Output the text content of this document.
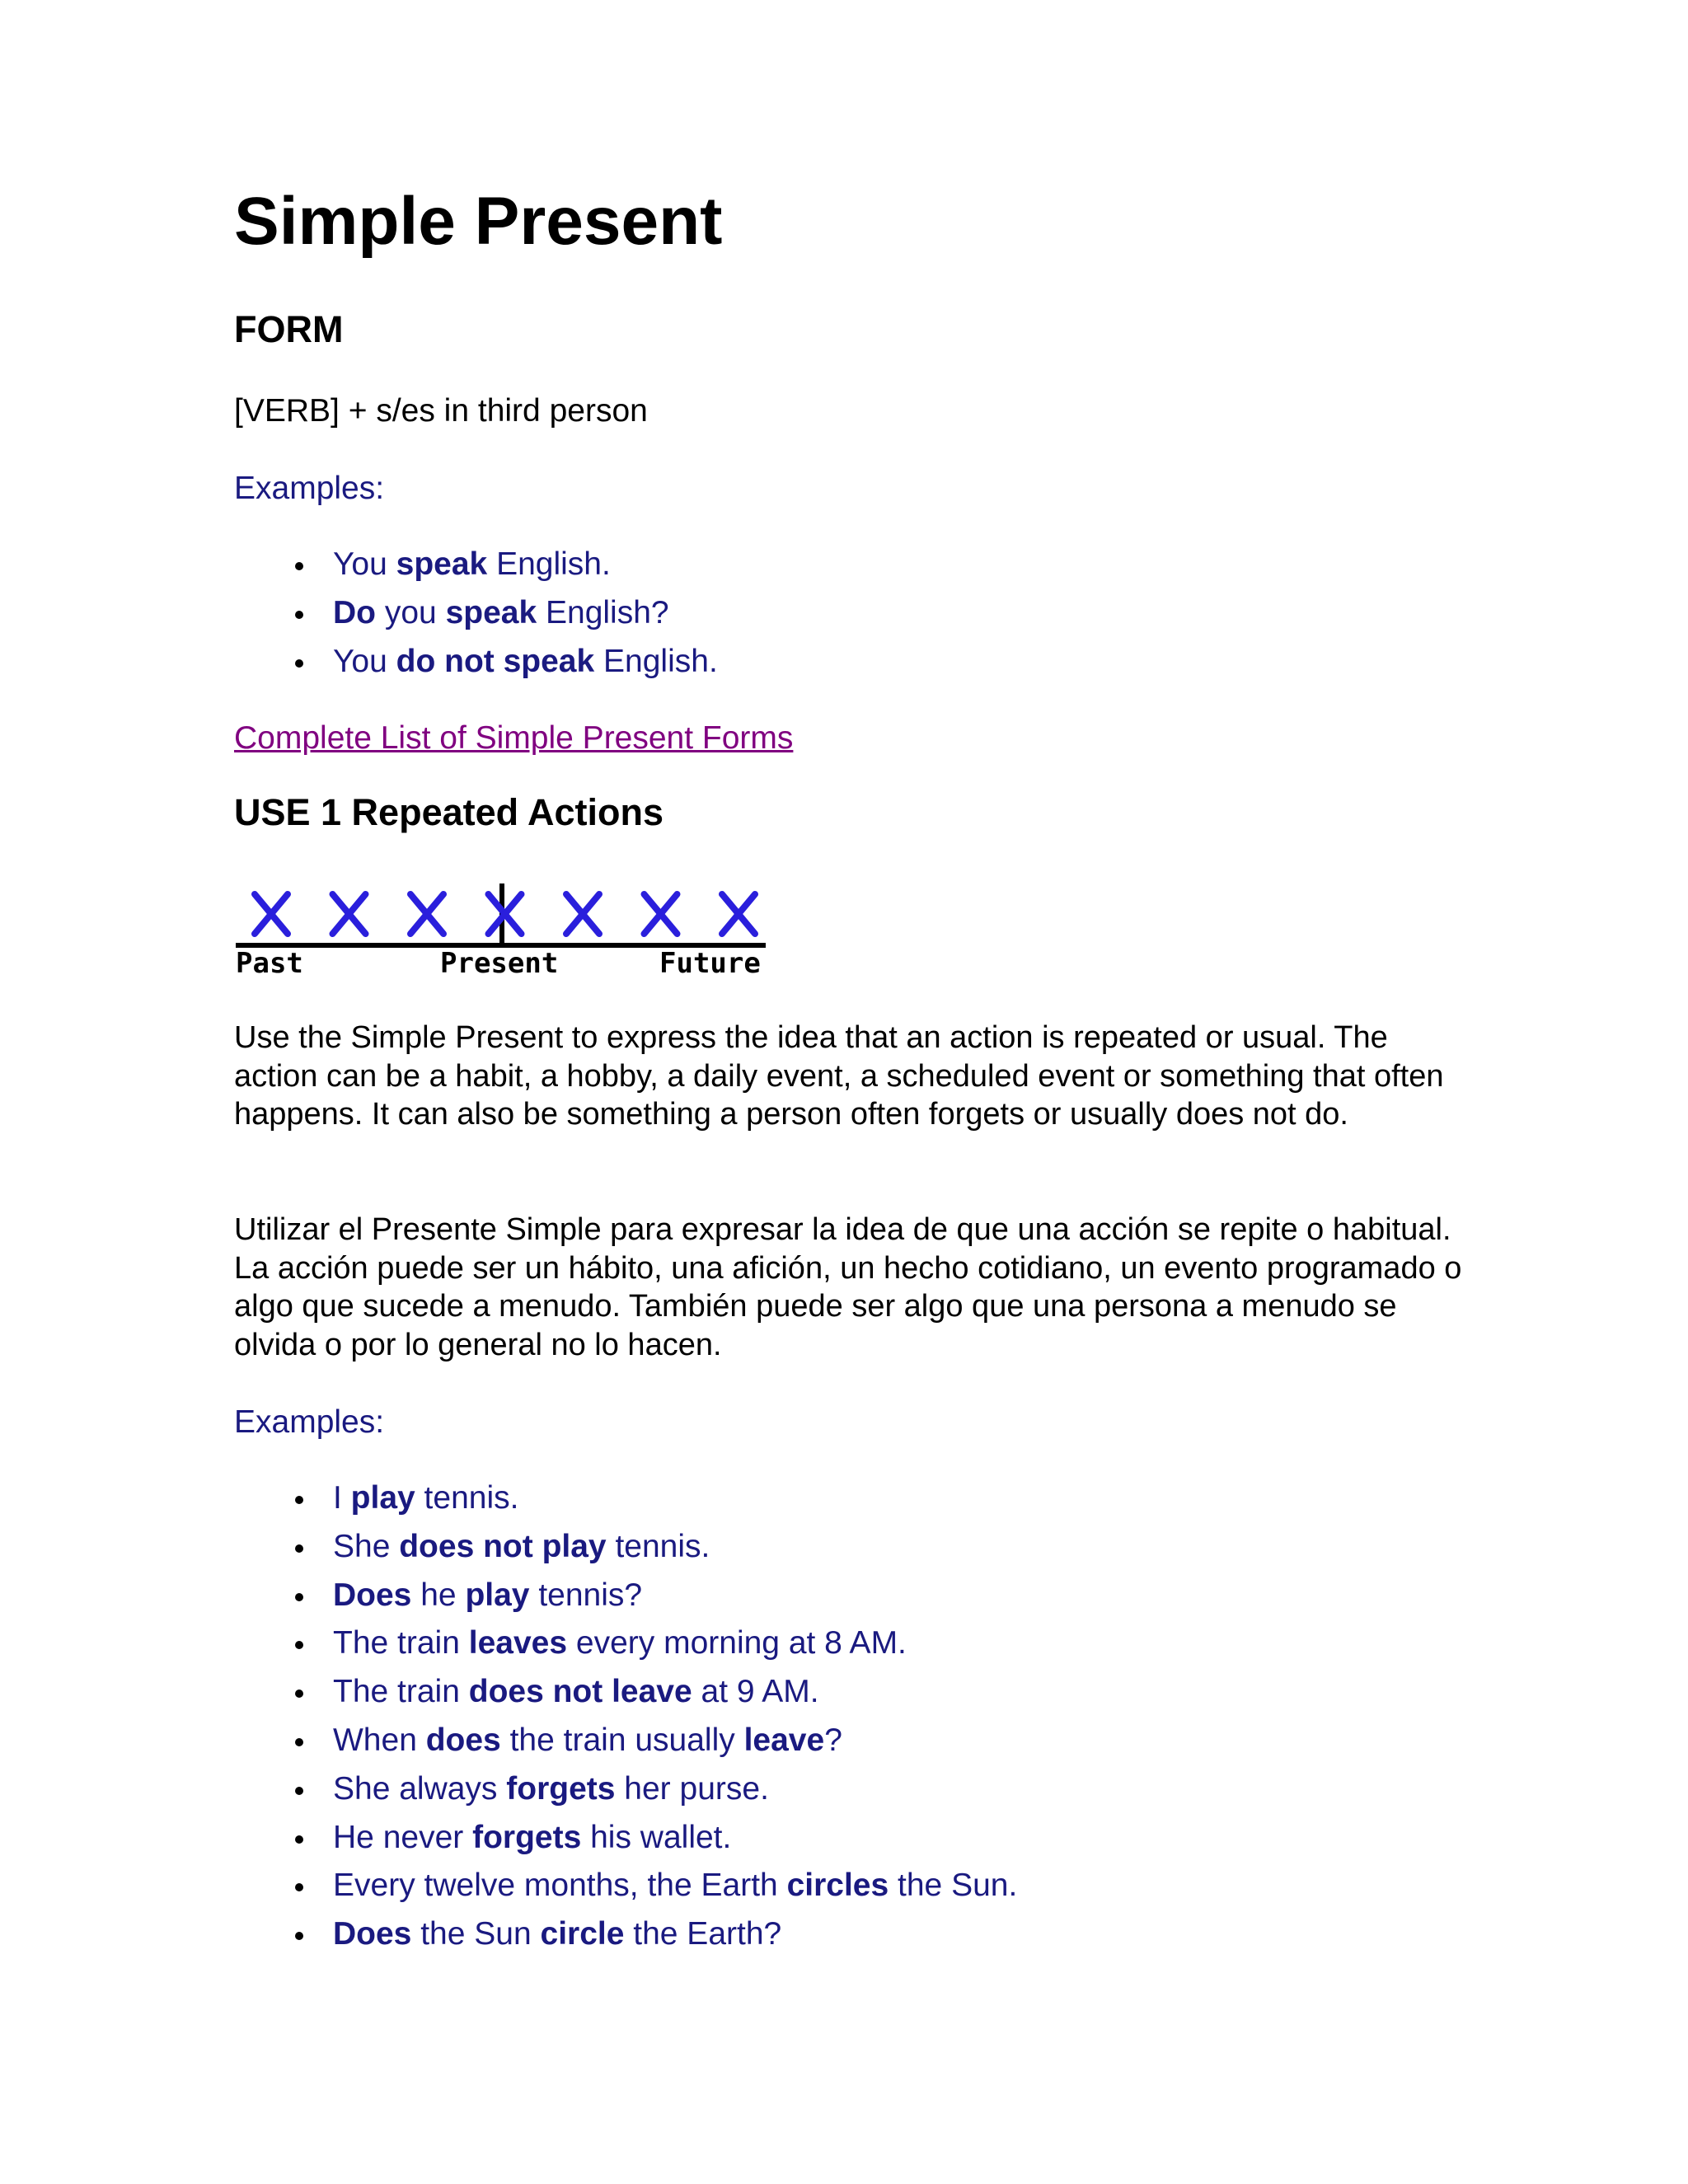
Simple Present
FORM

[VERB] + s/es in third person

Examples:

You speak English.
Do you speak English?
You do not speak English.
Complete List of Simple Present Forms
USE 1 Repeated Actions
Past	Present	Future

Use the Simple Present to express the idea that an action is repeated or usual. The action can be a habit, a hobby, a daily event, a scheduled event or something that often happens. It can also be something a person often forgets or usually does not do.

Utilizar el Presente Simple para expresar la idea de que una acción se repite o habitual. La acción puede ser un hábito, una afición, un hecho cotidiano, un evento programado o algo que sucede a menudo. También puede ser algo que una persona a menudo se olvida o por lo general no lo hacen.

Examples:

I play tennis.
She does not play tennis.
Does he play tennis?
The train leaves every morning at 8 AM.
The train does not leave at 9 AM.
When does the train usually leave?
She always forgets her purse.
He never forgets his wallet.
Every twelve months, the Earth circles the Sun.
Does the Sun circle the Earth?
